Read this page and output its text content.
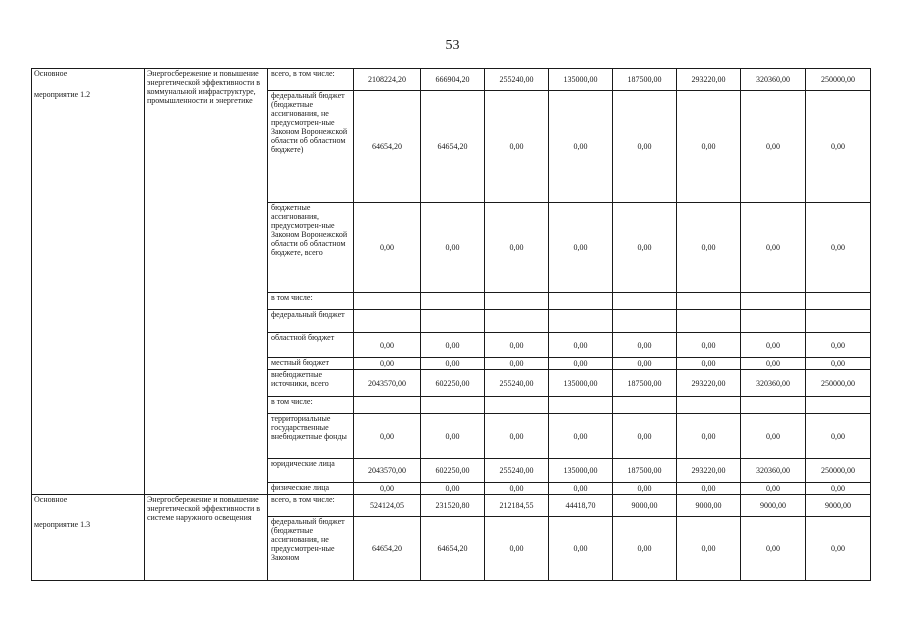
53
Основное
мероприятие 1.2	Энергосбережение и повышение энергетической эффективности в коммунальной инфраструктуре, промышленности и энергетике	всего, в том числе:	2108224,20	666904,20	255240,00	135000,00	187500,00	293220,00	320360,00	250000,00
		федеральный бюджет (бюджетные ассигнования, не предусмотрен-ные Законом Воронежской области об областном бюджете)	64654,20	64654,20	0,00	0,00	0,00	0,00	0,00	0,00
		бюджетные ассигнования, предусмотрен-ные Законом Воронежской области об областном бюджете, всего	0,00	0,00	0,00	0,00	0,00	0,00	0,00	0,00
		в том числе:								
		федеральный бюджет								
		областной бюджет	0,00	0,00	0,00	0,00	0,00	0,00	0,00	0,00
		местный бюджет	0,00	0,00	0,00	0,00	0,00	0,00	0,00	0,00
		внебюджетные источники, всего	2043570,00	602250,00	255240,00	135000,00	187500,00	293220,00	320360,00	250000,00
		в том числе:								
		территориальные государственные внебюджетные фонды	0,00	0,00	0,00	0,00	0,00	0,00	0,00	0,00
		юридические лица	2043570,00	602250,00	255240,00	135000,00	187500,00	293220,00	320360,00	250000,00
		физические лица	0,00	0,00	0,00	0,00	0,00	0,00	0,00	0,00

Основное
мероприятие 1.3	Энергосбережение и повышение энергетической эффективности в системе наружного освещения	всего, в том числе:	524124,05	231520,80	212184,55	44418,70	9000,00	9000,00	9000,00	9000,00
		федеральный бюджет (бюджетные ассигнования, не предусмотрен-ные Законом	64654,20	64654,20	0,00	0,00	0,00	0,00	0,00	0,00
